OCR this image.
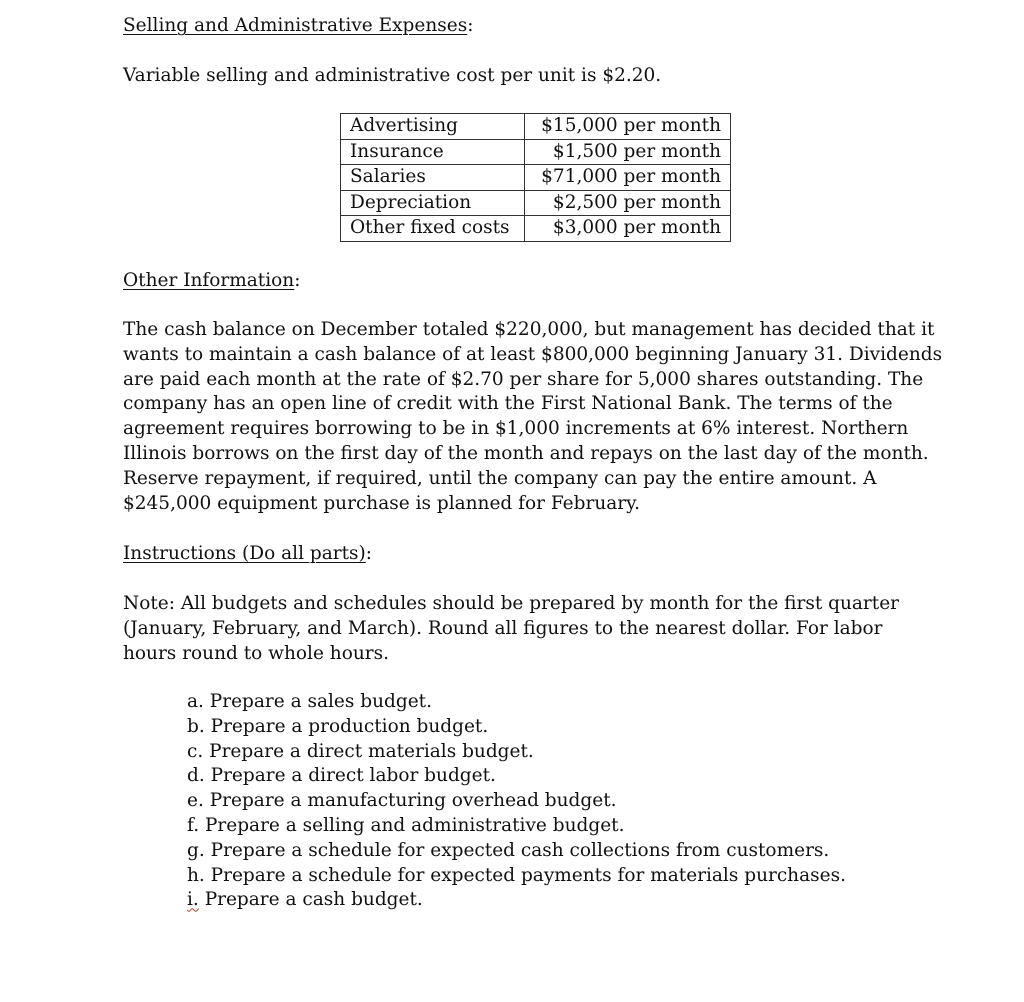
Selling and Administrative Expenses:
Variable selling and administrative cost per unit is $2.20.
Advertising	$15,000 per month
Insurance	$1,500 per month
Salaries	$71,000 per month
Depreciation	$2,500 per month
Other fixed costs	$3,000 per month
Other Information:
The cash balance on December totaled $220,000, but management has decided that it wants to maintain a cash balance of at least $800,000 beginning January 31. Dividends are paid each month at the rate of $2.70 per share for 5,000 shares outstanding. The company has an open line of credit with the First National Bank. The terms of the agreement requires borrowing to be in $1,000 increments at 6% interest. Northern Illinois borrows on the first day of the month and repays on the last day of the month. Reserve repayment, if required, until the company can pay the entire amount. A $245,000 equipment purchase is planned for February.
Instructions (Do all parts):
Note: All budgets and schedules should be prepared by month for the first quarter (January, February, and March). Round all figures to the nearest dollar. For labor hours round to whole hours.
a. Prepare a sales budget.
b. Prepare a production budget.
c. Prepare a direct materials budget.
d. Prepare a direct labor budget.
e. Prepare a manufacturing overhead budget.
f. Prepare a selling and administrative budget.
g. Prepare a schedule for expected cash collections from customers.
h. Prepare a schedule for expected payments for materials purchases.
i. Prepare a cash budget.
